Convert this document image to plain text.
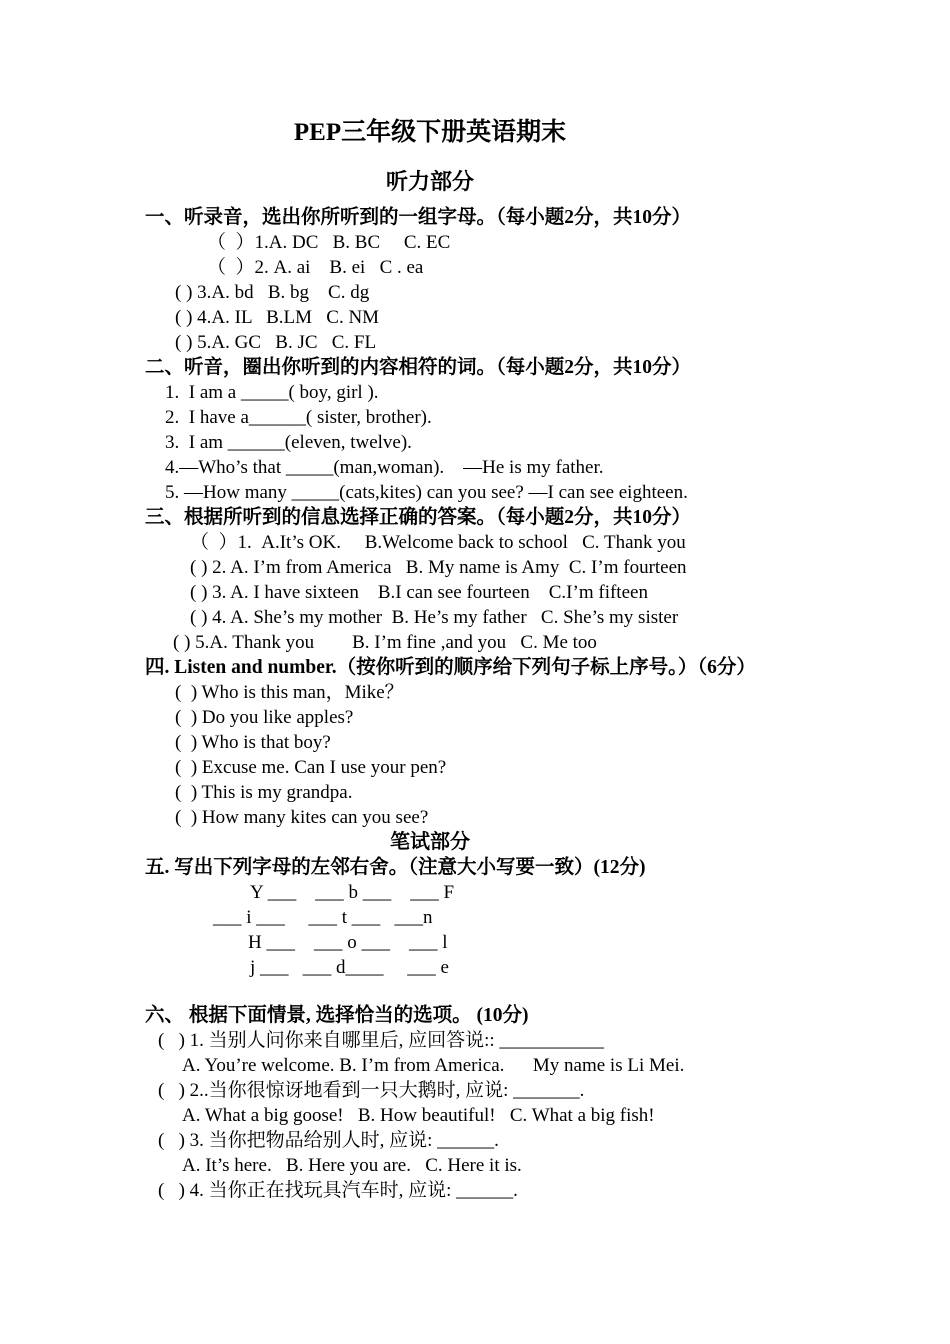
PEP三年级下册英语期末
听力部分
一、听录音，选出你所听到的一组字母。（每小题2分，共10分）
（  ）1.A. DC   B. BC     C. EC
（  ）2. A. ai    B. ei   C . ea
( ) 3.A. bd   B. bg    C. dg
( ) 4.A. IL   B.LM   C. NM
( ) 5.A. GC   B. JC   C. FL
二、听音，圈出你听到的内容相符的词。（每小题2分，共10分）
1.  I am a _____( boy, girl ).
2.  I have a______( sister, brother).
3.  I am ______(eleven, twelve).
4.—Who’s that _____(man,woman).    —He is my father.
5. —How many _____(cats,kites) can you see? —I can see eighteen.
三、根据所听到的信息选择正确的答案。（每小题2分，共10分）
（  ）1.  A.It’s OK.     B.Welcome back to school   C. Thank you
( ) 2. A. I’m from America   B. My name is Amy  C. I’m fourteen
( ) 3. A. I have sixteen    B.I can see fourteen    C.I’m fifteen
( ) 4. A. She’s my mother  B. He’s my father   C. She’s my sister
( ) 5.A. Thank you        B. I’m fine ,and you   C. Me too
四. Listen and number.（按你听到的顺序给下列句子标上序号。）（6分）
(  ) Who is this man，Mike？
(  ) Do you like apples?
(  ) Who is that boy?
(  ) Excuse me. Can I use your pen?
(  ) This is my grandpa.
(  ) How many kites can you see?
笔试部分
五. 写出下列字母的左邻右舍。（注意大小写要一致）(12分)
Y ___    ___ b ___    ___ F
___ i ___     ___ t ___   ___n
H ___    ___ o ___    ___ l
j ___   ___ d____     ___ e
六、 根据下面情景, 选择恰当的选项。 (10分)
(   ) 1. 当别人问你来自哪里后, 应回答说:: ___________
A. You’re welcome. B. I’m from America.      My name is Li Mei.
(   ) 2..当你很惊讶地看到一只大鹅时, 应说: _______.
A. What a big goose!   B. How beautiful!   C. What a big fish!
(   ) 3. 当你把物品给别人时, 应说: ______.
A. It’s here.   B. Here you are.   C. Here it is.
(   ) 4. 当你正在找玩具汽车时, 应说: ______.
